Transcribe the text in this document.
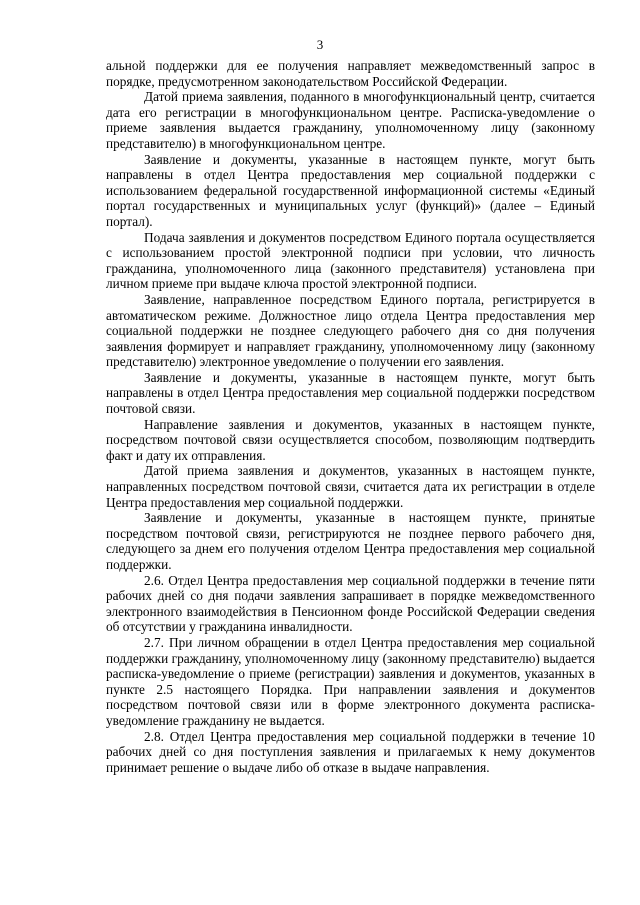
3

альной поддержки для ее получения направляет межведомственный запрос в порядке, предусмотренном законодательством Российской Федерации.

Датой приема заявления, поданного в многофункциональный центр, считается дата его регистрации в многофункциональном центре. Расписка-уведомление о приеме заявления выдается гражданину, уполномоченному лицу (законному представителю) в многофункциональном центре.

Заявление и документы, указанные в настоящем пункте, могут быть направлены в отдел Центра предоставления мер социальной поддержки с использованием федеральной государственной информационной системы «Единый портал государственных и муниципальных услуг (функций)» (далее – Единый портал).

Подача заявления и документов посредством Единого портала осуществляется с использованием простой электронной подписи при условии, что личность гражданина, уполномоченного лица (законного представителя) установлена при личном приеме при выдаче ключа простой электронной подписи.

Заявление, направленное посредством Единого портала, регистрируется в автоматическом режиме. Должностное лицо отдела Центра предоставления мер социальной поддержки не позднее следующего рабочего дня со дня получения заявления формирует и направляет гражданину, уполномоченному лицу (законному представителю) электронное уведомление о получении его заявления.

Заявление и документы, указанные в настоящем пункте, могут быть направлены в отдел Центра предоставления мер социальной поддержки посредством почтовой связи.

Направление заявления и документов, указанных в настоящем пункте, посредством почтовой связи осуществляется способом, позволяющим подтвердить факт и дату их отправления.

Датой приема заявления и документов, указанных в настоящем пункте, направленных посредством почтовой связи, считается дата их регистрации в отделе Центра предоставления мер социальной поддержки.

Заявление и документы, указанные в настоящем пункте, принятые посредством почтовой связи, регистрируются не позднее первого рабочего дня, следующего за днем его получения отделом Центра предоставления мер социальной поддержки.

2.6. Отдел Центра предоставления мер социальной поддержки в течение пяти рабочих дней со дня подачи заявления запрашивает в порядке межведомственного электронного взаимодействия в Пенсионном фонде Российской Федерации сведения об отсутствии у гражданина инвалидности.

2.7. При личном обращении в отдел Центра предоставления мер социальной поддержки гражданину, уполномоченному лицу (законному представителю) выдается расписка-уведомление о приеме (регистрации) заявления и документов, указанных в пункте 2.5 настоящего Порядка. При направлении заявления и документов посредством почтовой связи или в форме электронного документа расписка-уведомление гражданину не выдается.

2.8. Отдел Центра предоставления мер социальной поддержки в течение 10 рабочих дней со дня поступления заявления и прилагаемых к нему документов принимает решение о выдаче либо об отказе в выдаче направления.
